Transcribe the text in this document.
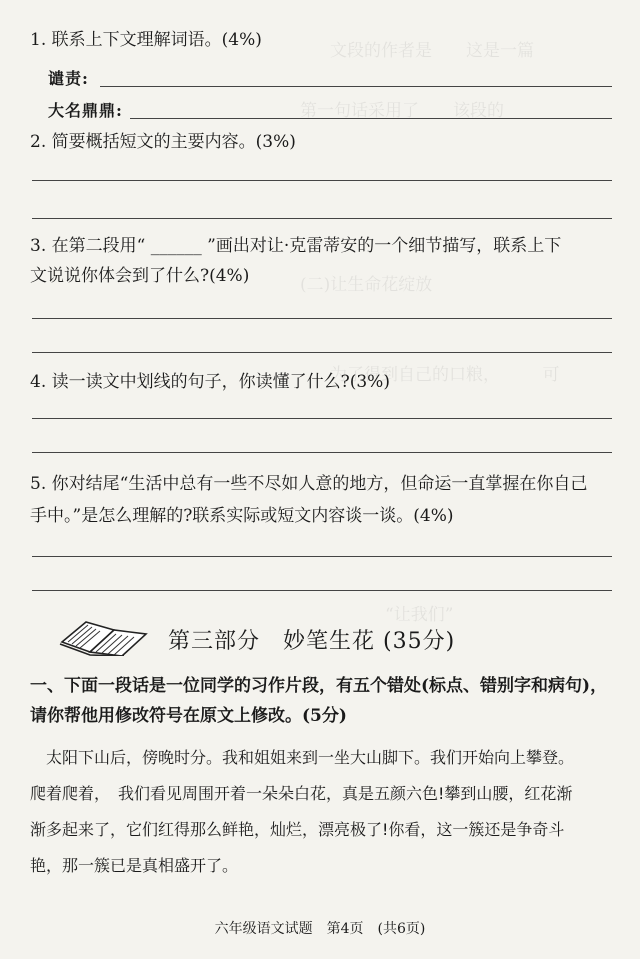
文段的作者是　　这是一篇
第一句话采用了　　该段的
(二)让生命花绽放
为了得到自己的口粮，　　　可
　　　　　“让我们”
1. 联系上下文理解词语。(4%)
谴责:
大名鼎鼎:
2. 简要概括短文的主要内容。(3%)
3. 在第二段用“ ______ ”画出对让·克雷蒂安的一个细节描写，联系上下
文说说你体会到了什么?(4%)
4. 读一读文中划线的句子，你读懂了什么?(3%)
5. 你对结尾“生活中总有一些不尽如人意的地方，但命运一直掌握在你自己
手中。”是怎么理解的?联系实际或短文内容谈一谈。(4%)
第三部分　妙笔生花 (35分)
一、下面一段话是一位同学的习作片段，有五个错处(标点、错别字和病句)，
请你帮他用修改符号在原文上修改。(5分)
　太阳下山后，傍晚时分。我和姐姐来到一坐大山脚下。我们开始向上攀登。
爬着爬着，　我们看见周围开着一朵朵白花，真是五颜六色!攀到山腰，红花渐
渐多起来了，它们红得那么鲜艳，灿烂，漂亮极了!你看，这一簇还是争奇斗
艳，那一簇已是真相盛开了。
六年级语文试题　第4页　(共6页)
